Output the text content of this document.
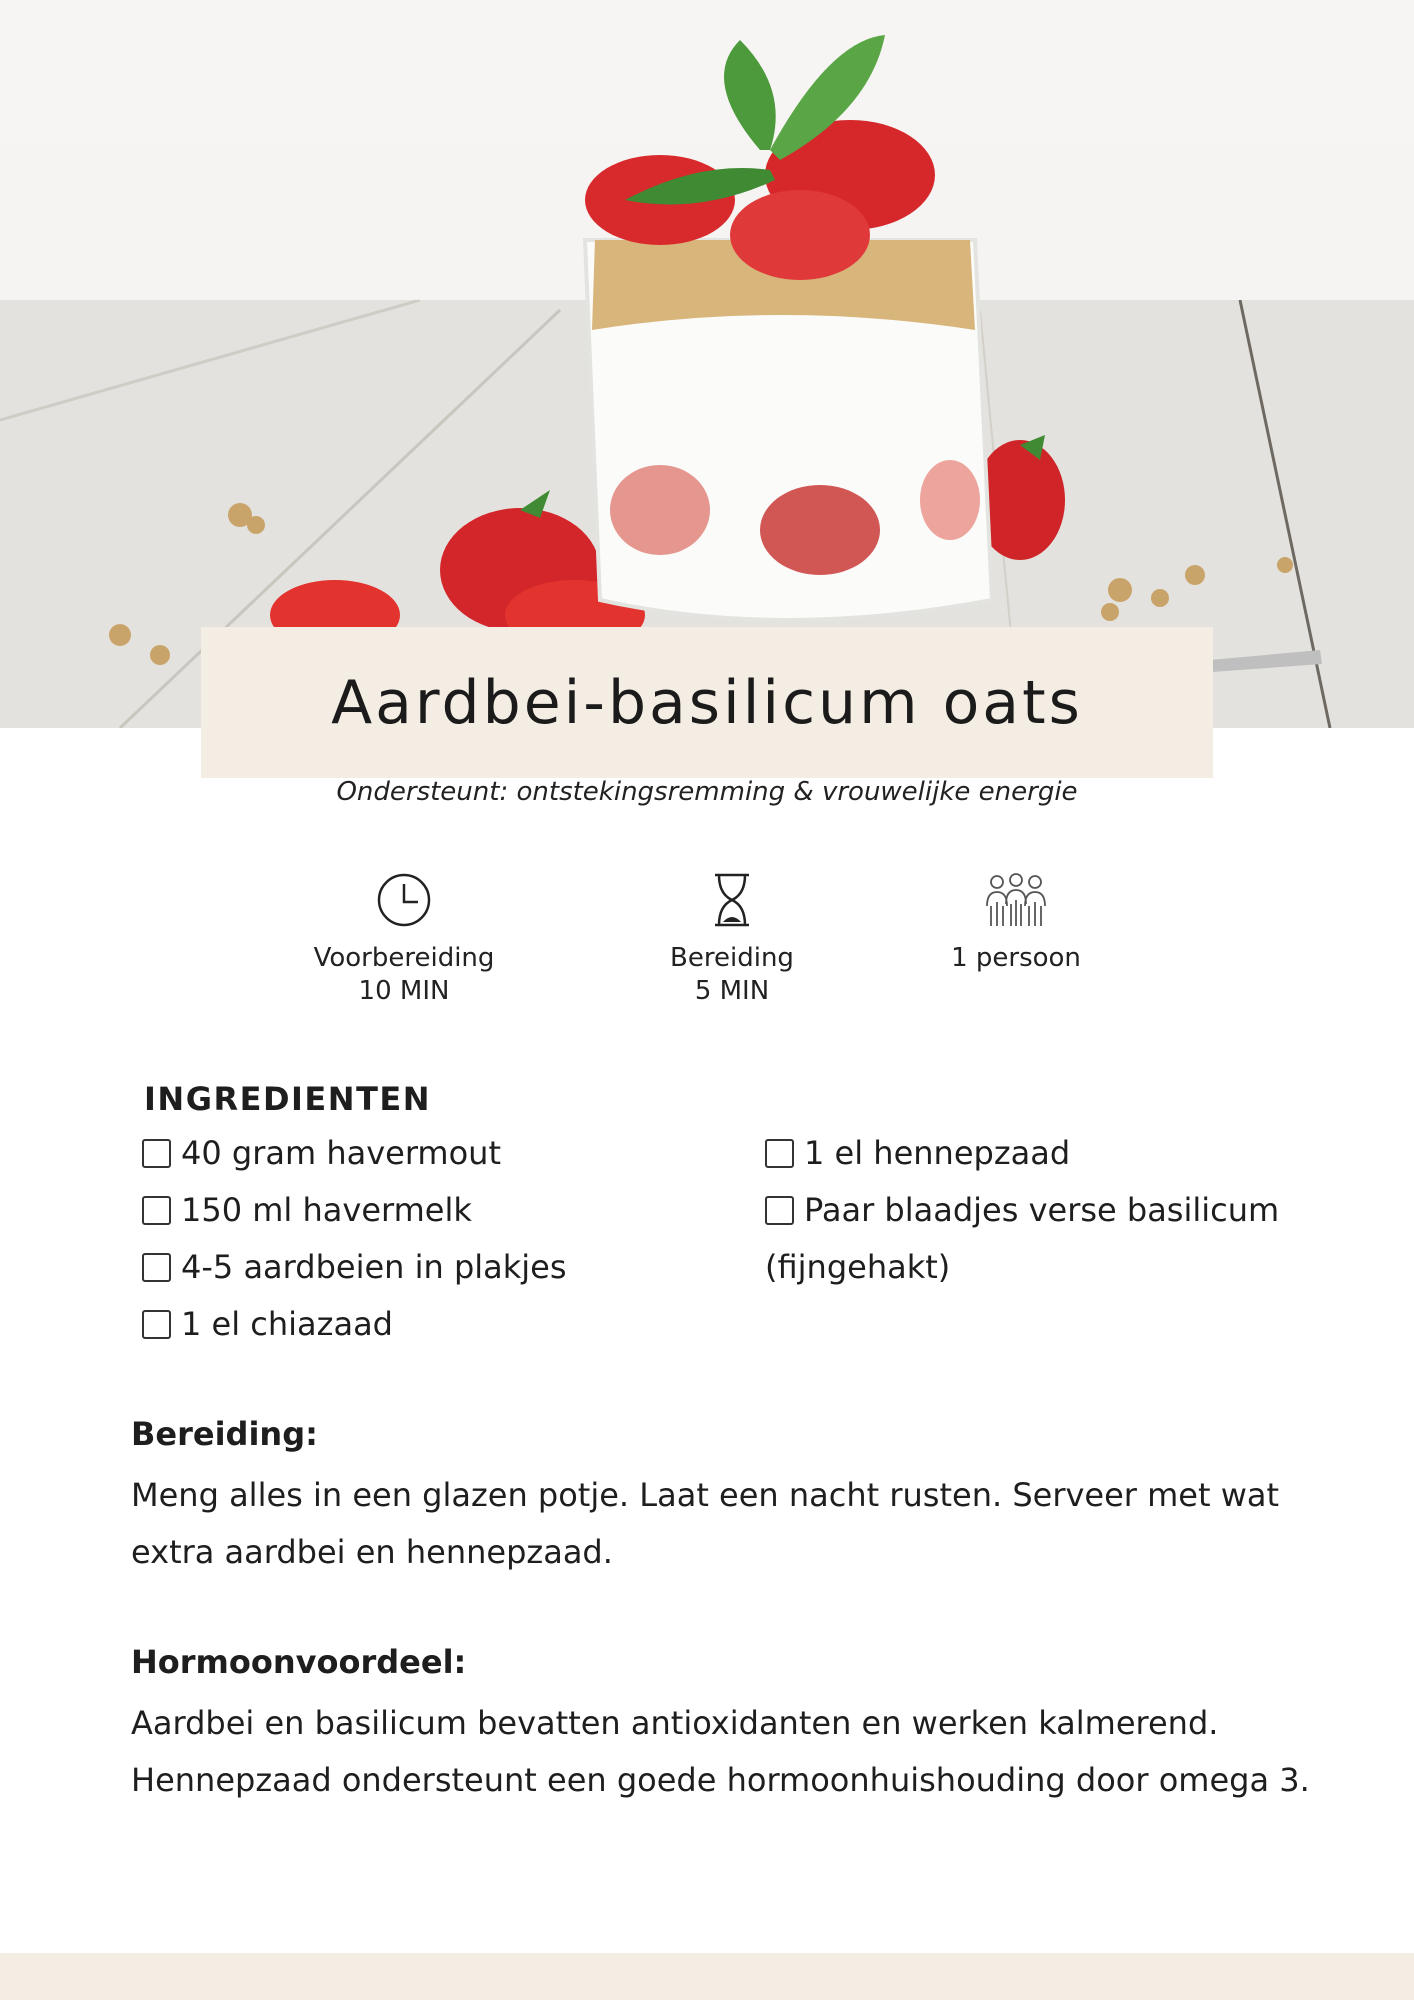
Aardbei-basilicum oats
Ondersteunt: ontstekingsremming & vrouwelijke energie
Voorbereiding
10 MIN
Bereiding
5 MIN
1 persoon
INGREDIENTEN
40 gram havermout
150 ml havermelk
4-5 aardbeien in plakjes
1 el chiazaad
1 el hennepzaad
Paar blaadjes verse basilicum (fijngehakt)
Bereiding:

Meng alles in een glazen potje. Laat een nacht rusten. Serveer met wat extra aardbei en hennepzaad.

Hormoonvoordeel:

Aardbei en basilicum bevatten antioxidanten en werken kalmerend. Hennepzaad ondersteunt een goede hormoonhuishouding door omega 3.
